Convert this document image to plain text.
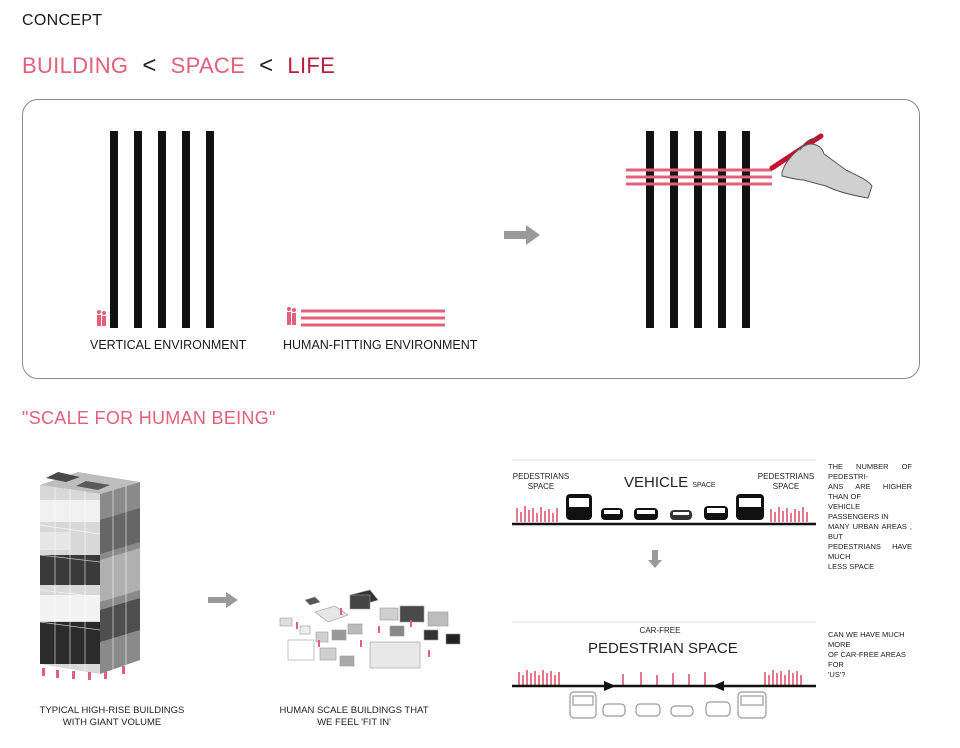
CONCEPT
BUILDING < SPACE < LIFE
VERTICAL ENVIRONMENT	HUMAN-FITTING ENVIRONMENT
"SCALE FOR HUMAN BEING"
TYPICAL HIGH-RISE BUILDINGS
WITH GIANT VOLUME
HUMAN SCALE BUILDINGS THAT
WE FEEL 'FIT IN'
PEDESTRIANS
SPACE	VEHICLE SPACE
PEDESTRIANS
SPACE
THE NUMBER OF PEDESTRI-
ANS ARE HIGHER THAN OF
VEHICLE PASSENGERS IN
MANY URBAN AREAS , BUT
PEDESTRIANS HAVE MUCH
LESS SPACE
CAR-FREE
PEDESTRIAN SPACE
CAN WE HAVE MUCH MORE
OF CAR-FREE AREAS FOR
'US'?
